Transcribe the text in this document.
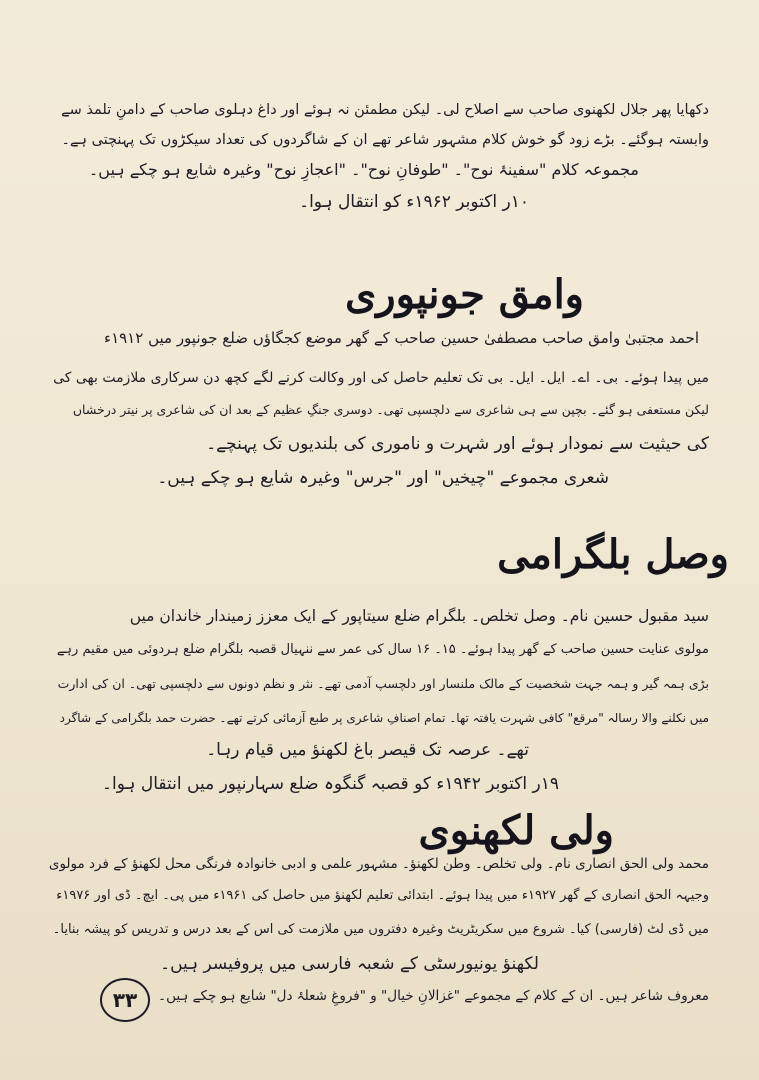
دکھایا پھر جلال لکھنوی صاحب سے اصلاح لی۔ لیکن مطمئن نہ ہوئے اور داغ دہلوی صاحب کے دامنِ تلمذ سے
وابستہ ہوگئے۔ بڑے زود گو خوش کلام مشہور شاعر تھے ان کے شاگردوں کی تعداد سیکڑوں تک پہنچتی ہے۔
مجموعہ کلام "سفینۂ نوح"۔ "طوفانِ نوح"۔ "اعجازِ نوح" وغیرہ شایع ہو چکے ہیں۔
۱۰ر اکتوبر ۱۹۶۲ء کو انتقال ہوا۔
وامق جونپوری
احمد مجتبیٰ وامق صاحب مصطفیٰ حسین صاحب کے گھر موضع کجگاؤں ضلع جونپور میں ۱۹۱۲ء
میں پیدا ہوئے۔ بی۔ اے۔ ایل۔ ایل۔ بی تک تعلیم حاصل کی اور وکالت کرنے لگے کچھ دن سرکاری ملازمت بھی کی
لیکن مستعفی ہو گئے۔ بچپن سے ہی شاعری سے دلچسپی تھی۔ دوسری جنگِ عظیم کے بعد ان کی شاعری پر نیتر درخشاں
کی حیثیت سے نمودار ہوئے اور شہرت و ناموری کی بلندیوں تک پہنچے۔
شعری مجموعے "چیخیں" اور "جرس" وغیرہ شایع ہو چکے ہیں۔
وصل بلگرامی
سید مقبول حسین نام۔ وصل تخلص۔ بلگرام ضلع سیتاپور کے ایک معزز زمیندار خاندان میں
مولوی عنایت حسین صاحب کے گھر پیدا ہوئے۔ ۱۵۔ ۱۶ سال کی عمر سے ننہیال قصبہ بلگرام ضلع ہردوئی میں مقیم رہے
بڑی ہمہ گیر و ہمہ جہت شخصیت کے مالک ملنسار اور دلچسپ آدمی تھے۔ نثر و نظم دونوں سے دلچسپی تھی۔ ان کی ادارت
میں نکلنے والا رسالہ "مرقع" کافی شہرت یافتہ تھا۔ تمام اصنافِ شاعری پر طبع آزمائی کرتے تھے۔ حضرت حمد بلگرامی کے شاگرد
تھے۔ عرصہ تک قیصر باغ لکھنؤ میں قیام رہا۔
۱۹ر اکتوبر ۱۹۴۲ء کو قصبہ گنگوہ ضلع سہارنپور میں انتقال ہوا۔
ولی لکھنوی
محمد ولی الحق انصاری نام۔ ولی تخلص۔ وطن لکھنؤ۔ مشہور علمی و ادبی خانوادہ فرنگی محل لکھنؤ کے فرد مولوی
وجیہہ الحق انصاری کے گھر ۱۹۲۷ء میں پیدا ہوئے۔ ابتدائی تعلیم لکھنؤ میں حاصل کی ۱۹۶۱ء میں پی۔ ایچ۔ ڈی اور ۱۹۷۶ء
میں ڈی لٹ (فارسی) کیا۔ شروع میں سکریٹریٹ وغیرہ دفتروں میں ملازمت کی اس کے بعد درس و تدریس کو پیشہ بنایا۔
لکھنؤ یونیورسٹی کے شعبہ فارسی میں پروفیسر ہیں۔
معروف شاعر ہیں۔ ان کے کلام کے مجموعے "غزالانِ خیال" و "فروغِ شعلۂ دل" شایع ہو چکے ہیں۔
۳۳
